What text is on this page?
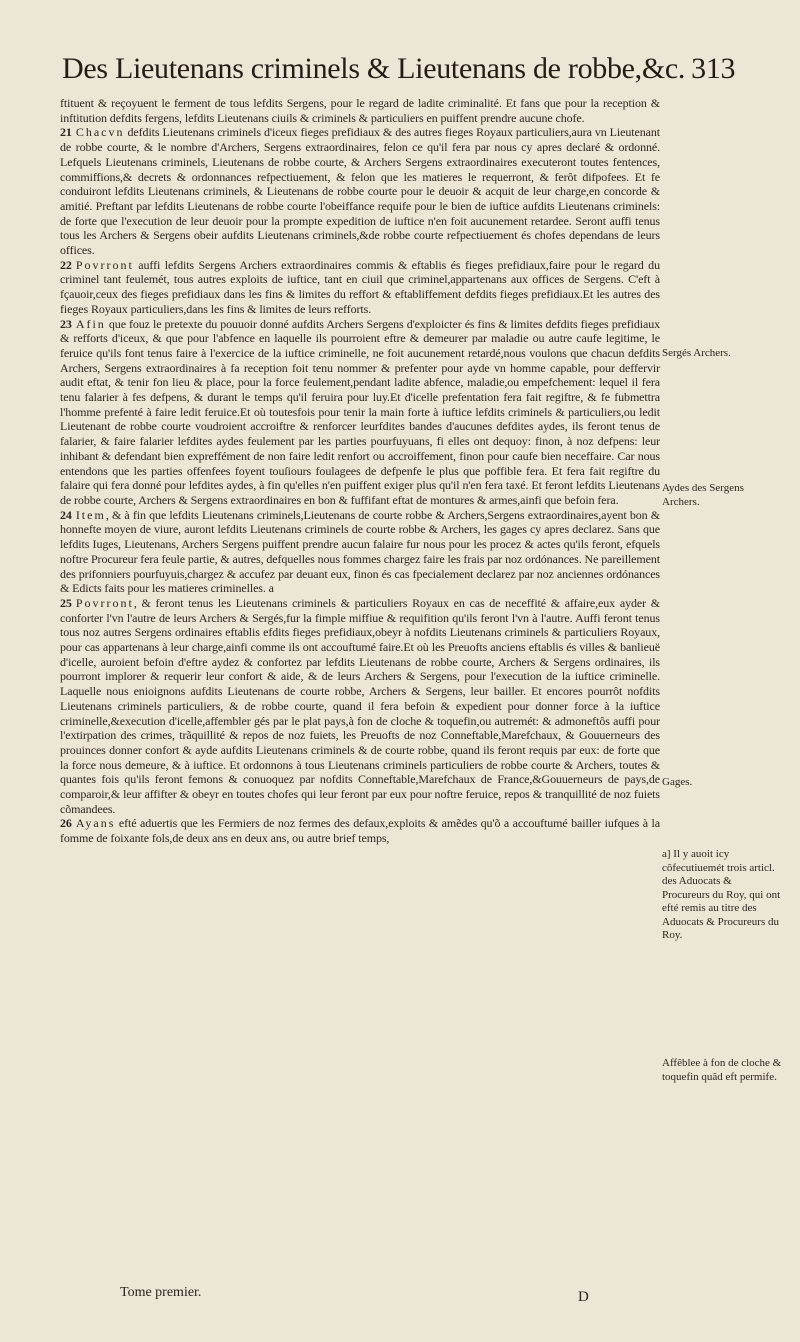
Des Lieutenans criminels & Lieutenans de robbe,&c. 313

ftituent & reçoyuent le ferment de tous lefdits Sergens, pour le regard de ladite criminalité. Et fans que pour la reception & inftitution defdits fergens, lefdits Lieutenans ciuils & criminels & particuliers en puiffent prendre aucune chofe.

21 Chacvn defdits Lieutenans criminels d'iceux fieges prefidiaux & des autres fieges Royaux particuliers,aura vn Lieutenant de robbe courte, & le nombre d'Archers, Sergens extraordinaires, felon ce qu'il fera par nous cy apres declaré & ordonné. Lefquels Lieutenans criminels, Lieutenans de robbe courte, & Archers Sergens extraordinaires executeront toutes fentences, commiffions,& decrets & ordonnances refpectiuement, & felon que les matieres le requerront, & ferôt difpofees. Et fe conduiront lefdits Lieutenans criminels, & Lieutenans de robbe courte pour le deuoir & acquit de leur charge,en concorde & amitié. Preftant par lefdits Lieutenans de robbe courte l'obeiffance requife pour le bien de iuftice aufdits Lieutenans criminels: de forte que l'execution de leur deuoir pour la prompte expedition de iuftice n'en foit aucunement retardee. Seront auffi tenus tous les Archers & Sergens obeir aufdits Lieutenans criminels,&de robbe courte refpectiuement és chofes dependans de leurs offices.

22 Povrront auffi lefdits Sergens Archers extraordinaires commis & eftablis és fieges prefidiaux,faire pour le regard du criminel tant feulemét, tous autres exploits de iuftice, tant en ciuil que criminel,appartenans aux offices de Sergens. C'eft à fçauoir,ceux des fieges prefidiaux dans les fins & limites du reffort & eftabliffement defdits fieges prefidiaux.Et les autres des fieges Royaux particuliers,dans les fins & limites de leurs refforts.

23 Afin que fouz le pretexte du pouuoir donné aufdits Archers Sergens d'exploicter és fins & limites defdits fieges prefidiaux & refforts d'iceux, & que pour l'abfence en laquelle ils pourroient eftre & demeurer par maladie ou autre caufe legitime, le feruice qu'ils font tenus faire à l'exercice de la iuftice criminelle, ne foit aucunement retardé,nous voulons que chacun defdits Archers, Sergens extraordinaires à fa reception foit tenu nommer & prefenter pour ayde vn homme capable, pour deffervir audit eftat, & tenir fon lieu & place, pour la force feulement,pendant ladite abfence, maladie,ou empefchement: lequel il fera tenu falarier à fes defpens, & durant le temps qu'il feruira pour luy.Et d'icelle prefentation fera fait regiftre, & fe fubmettra l'homme prefenté à faire ledit feruice.Et où toutesfois pour tenir la main forte à iuftice lefdits criminels & particuliers,ou ledit Lieutenant de robbe courte voudroient accroiftre & renforcer leurfdites bandes d'aucunes defdites aydes, ils feront tenus de falarier, & faire falarier lefdites aydes feulement par les parties pourfuyuans, fi elles ont dequoy: finon, à noz defpens: leur inhibant & defendant bien expreffément de non faire ledit renfort ou accroiffement, finon pour caufe bien neceffaire. Car nous entendons que les parties offenfees foyent touſiours foulagees de defpenfe le plus que poffible fera. Et fera fait regiftre du falaire qui fera donné pour lefdites aydes, à fin qu'elles n'en puiffent exiger plus qu'il n'en fera taxé. Et feront lefdits Lieutenans de robbe courte, Archers & Sergens extraordinaires en bon & fuffifant eftat de montures & armes,ainfi que befoin fera.

24 Item, & à fin que lefdits Lieutenans criminels,Lieutenans de courte robbe & Archers,Sergens extraordinaires,ayent bon & honnefte moyen de viure, auront lefdits Lieutenans criminels de courte robbe & Archers, les gages cy apres declarez. Sans que lefdits Iuges, Lieutenans, Archers Sergens puiffent prendre aucun falaire fur nous pour les procez & actes qu'ils feront, efquels noftre Procureur fera feule partie, & autres, defquelles nous fommes chargez faire les frais par noz ordónances. Ne pareillement des prifonniers pourfuyuis,chargez & accufez par deuant eux, finon és cas fpecialement declarez par noz anciennes ordónances & Edicts faits pour les matieres criminelles. a

25 Povrront, & feront tenus les Lieutenans criminels & particuliers Royaux en cas de neceffité & affaire,eux ayder & conforter l'vn l'autre de leurs Archers & Sergés,fur la fimple miffiue & requifition qu'ils feront l'vn à l'autre. Auffi feront tenus tous noz autres Sergens ordinaires eftablis efdits fieges prefidiaux,obeyr à nofdits Lieutenans criminels & particuliers Royaux, pour cas appartenans à leur charge,ainfi comme ils ont accouftumé faire.Et où les Preuofts anciens eftablis és villes & banlieuë d'icelle, auroient befoin d'eftre aydez & confortez par lefdits Lieutenans de robbe courte, Archers & Sergens ordinaires, ils pourront implorer & requerir leur confort & aide, & de leurs Archers & Sergens, pour l'execution de la iuftice criminelle. Laquelle nous enioignons aufdits Lieutenans de courte robbe, Archers & Sergens, leur bailler. Et encores pourrôt nofdits Lieutenans criminels particuliers, & de robbe courte, quand il fera befoin & expedient pour donner force à la iuftice criminelle,&execution d'icelle,affembler gés par le plat pays,à fon de cloche & toquefin,ou autremét: & admoneftôs auffi pour l'extirpation des crimes, trãquillité & repos de noz fuiets, les Preuofts de noz Conneftable,Marefchaux, & Gouuerneurs des prouinces donner confort & ayde aufdits Lieutenans criminels & de courte robbe, quand ils feront requis par eux: de forte que la force nous demeure, & à iuftice. Et ordonnons à tous Lieutenans criminels particuliers de robbe courte & Archers, toutes & quantes fois qu'ils feront femons & conuoquez par nofdits Conneftable,Marefchaux de France,&Gouuerneurs de pays,de comparoir,& leur affifter & obeyr en toutes chofes qui leur feront par eux pour noftre feruice, repos & tranquillité de noz fuiets cõmandees.

26 Ayans efté aduertis que les Fermiers de noz fermes des defaux,exploits & amẽdes qu'õ a accouftumé bailler iufques à la fomme de foixante fols,de deux ans en deux ans, ou autre brief temps,

Sergés Archers.
Aydes des Sergens Archers.
Gages.
a] Il y auoit icy côfecutiuemét trois articl. des Aduocats & Procureurs du Roy, qui ont efté remis au titre des Aduocats & Procureurs du Roy.
Affêblee à fon de cloche & toquefin quãd eft permife.
Tome premier.	D
